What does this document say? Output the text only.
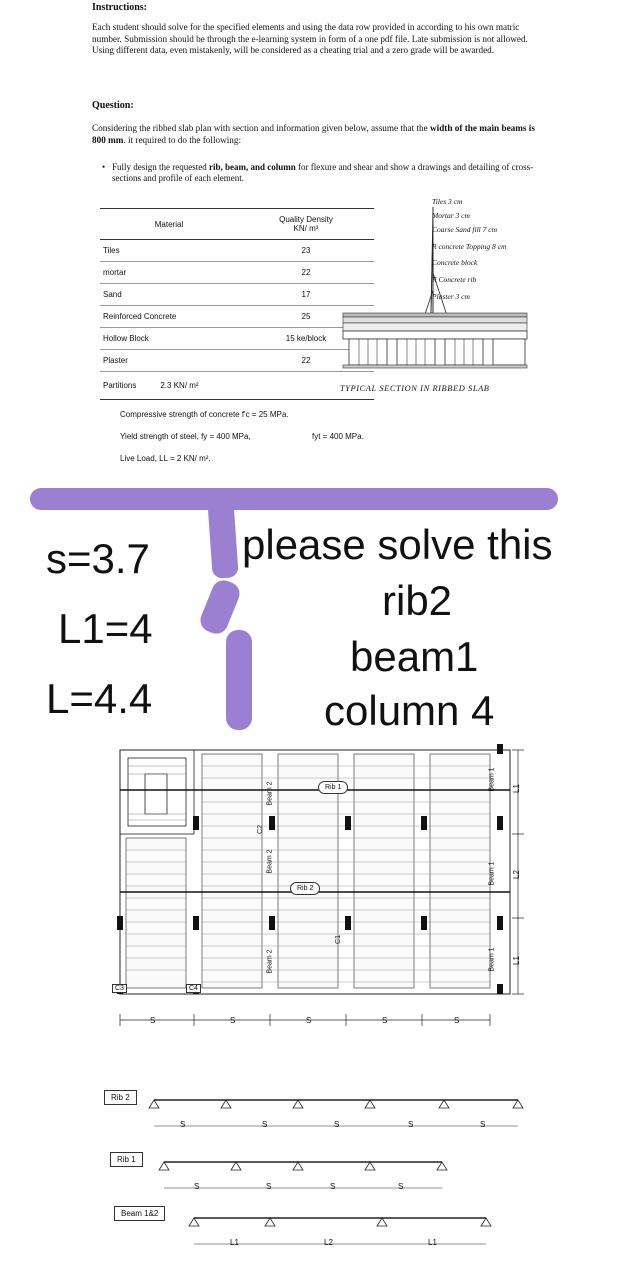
Instructions:
Each student should solve for the specified elements and using the data row provided in according to his own matric number. Submission should be through the e-learning system in form of a one pdf file. Late submission is not allowed. Using different data, even mistakenly, will be considered as a cheating trial and a zero grade will be awarded.
Question:
Considering the ribbed slab plan with section and information given below, assume that the width of the main beams is 800 mm. it required to do the following:
• Fully design the requested rib, beam, and column for flexure and shear and show a drawings and detailing of cross-sections and profile of each element.
Material	Quality Density
KN/ m³

Tiles	23
mortar	22
Sand	17
Reinforced Concrete	25
Hollow Block	15 ke/block
Plaster	22
Partitions 2.3 KN/ m²	
Tiles 3 cm
Mortar 3 cm
Coarse Sand fill 7 cm
R concrete Topping 8 cm
Concrete block
R Concrete rib
Plaster 3 cm
TYPICAL SECTION IN RIBBED SLAB
Compressive strength of concrete f'c = 25 MPa.
Yield strength of steel, fy = 400 MPa,	fyt = 400 MPa.
Live Load, LL = 2 KN/ m².
s=3.7
L1=4
L=4.4
please solve this
rib2
beam1
column 4
Rib 1
Rib 2
C1
C2
C3	C4
Beam 2
Beam 2
Beam 2
Beam 1
Beam 1
Beam 1
S	S	S	S	S
L1
L2
L1
Rib 2
Rib 1
Beam 1&2
S	S	S	S	S
S	S	S	S
L1	L2	L1
